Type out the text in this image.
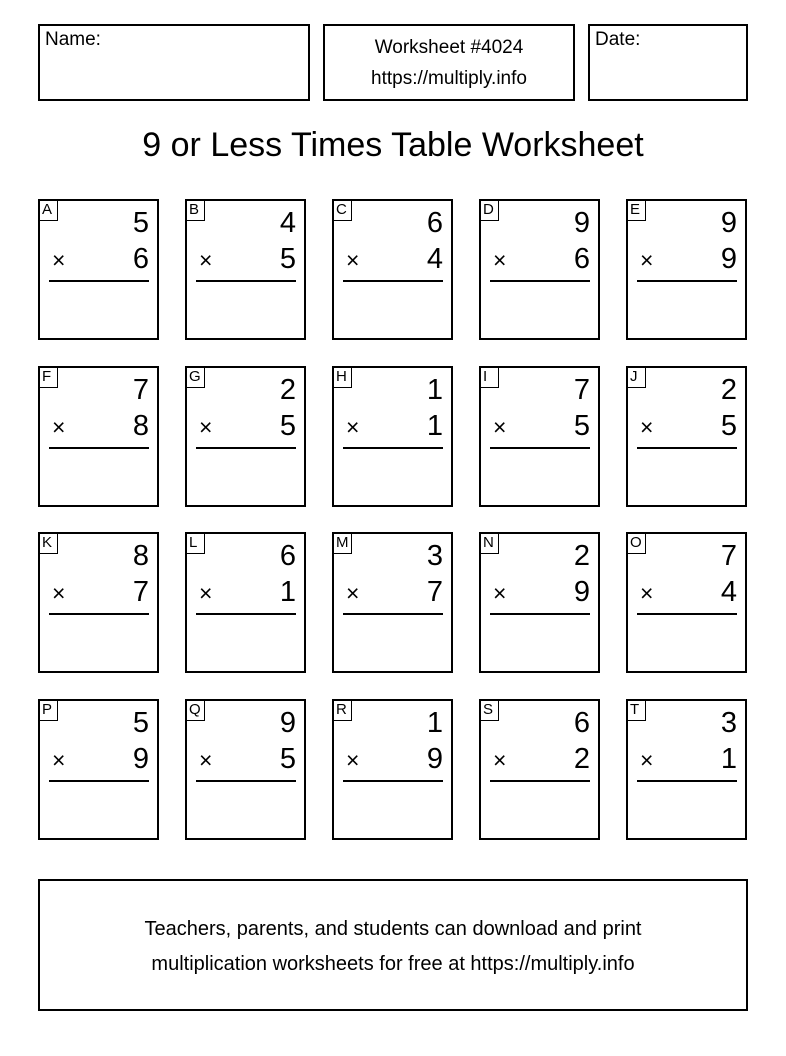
Name:	Worksheet #4024
https://multiply.info
Date:
9 or Less Times Table Worksheet
A	5
× 6
B	4
× 5
C	6
× 4
D	9
× 6
E	9
× 9
F	7
× 8
G	2
× 5
H	1
× 1
I	7
× 5
J	2
× 5
K	8
× 7
L	6
× 1
M	3
× 7
N	2
× 9
O	7
× 4
P	5
× 9
Q	9
× 5
R	1
× 9
S	6
× 2
T	3
× 1
Teachers, parents, and students can download and print
multiplication worksheets for free at https://multiply.info
